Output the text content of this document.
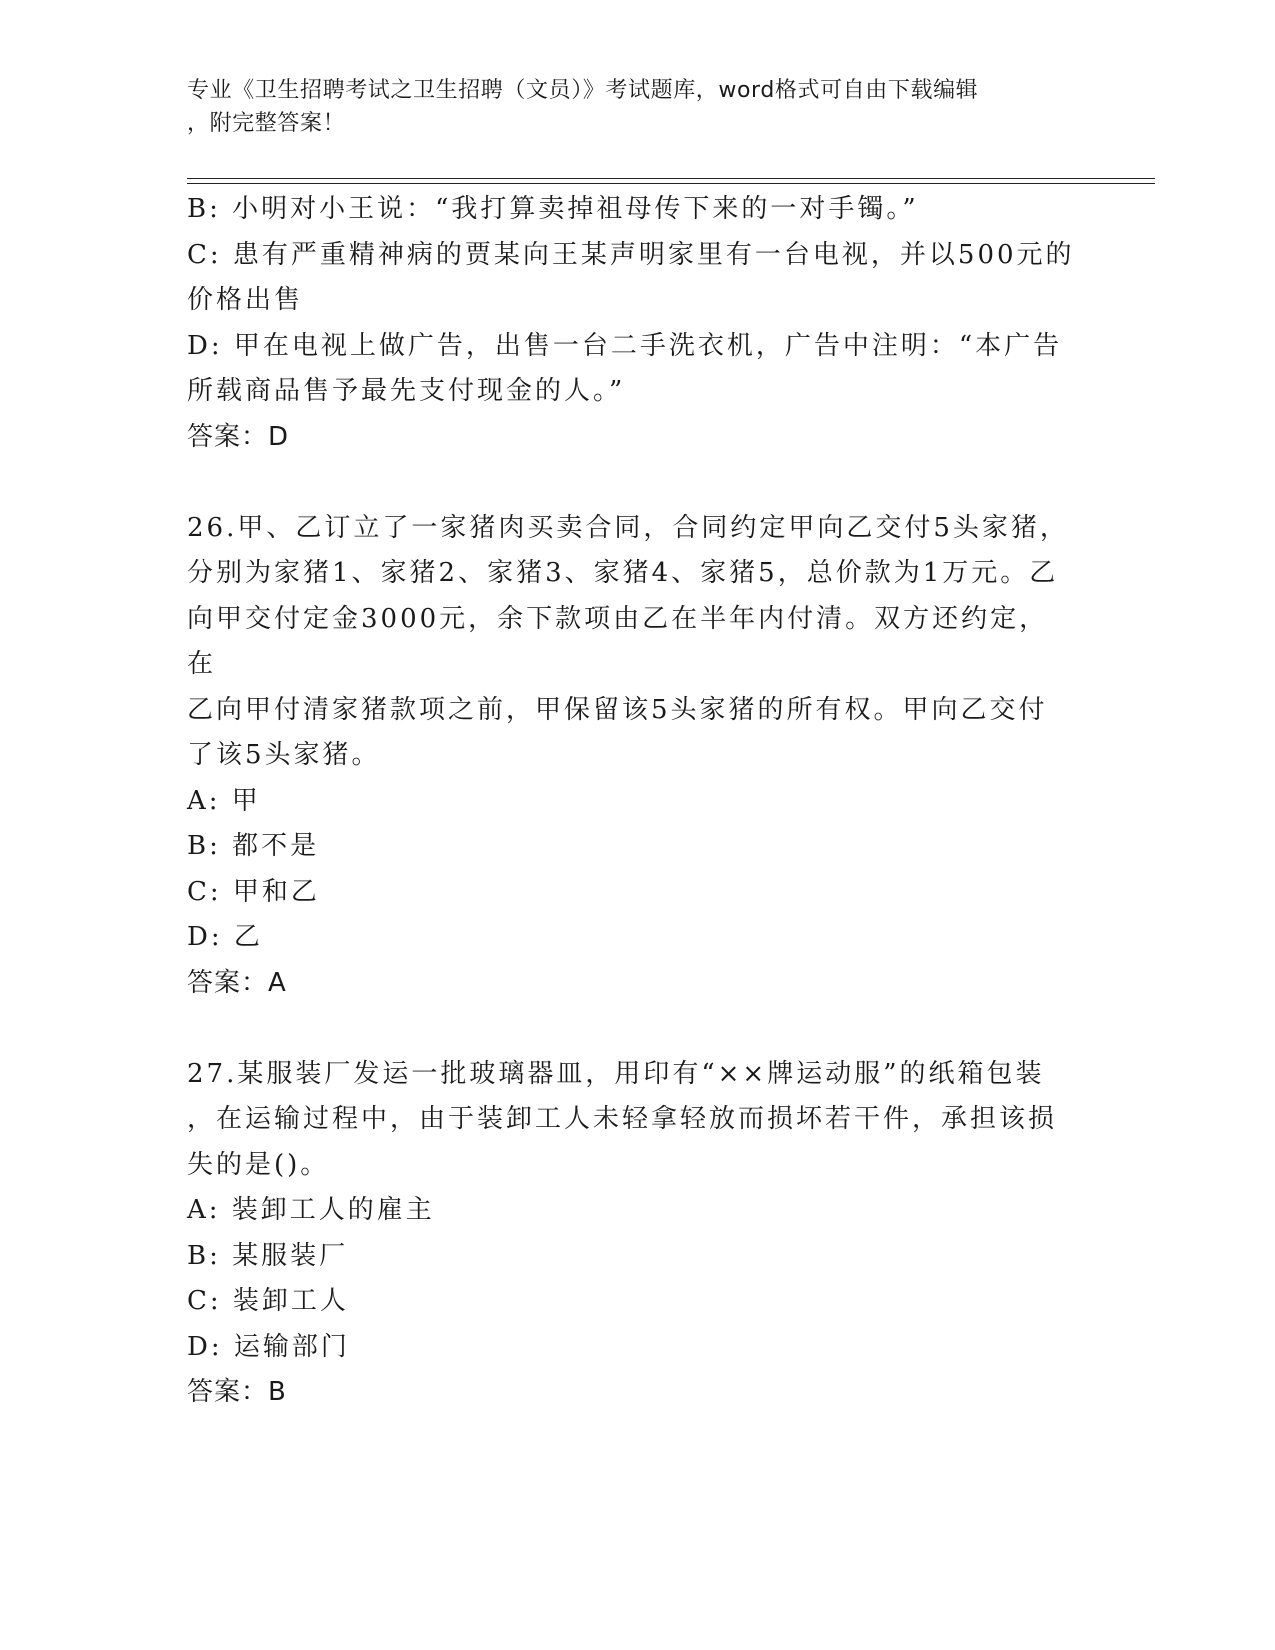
专业《卫生招聘考试之卫生招聘（文员）》考试题库，word格式可自由下载编辑
，附完整答案！
B: 小明对小王说：“我打算卖掉祖母传下来的一对手镯。”
C: 患有严重精神病的贾某向王某声明家里有一台电视，并以500元的
价格出售
D: 甲在电视上做广告，出售一台二手洗衣机，广告中注明：“本广告
所载商品售予最先支付现金的人。”
答案：D
26.甲、乙订立了一家猪肉买卖合同，合同约定甲向乙交付5头家猪，
分别为家猪1、家猪2、家猪3、家猪4、家猪5，总价款为1万元。乙
向甲交付定金3000元，余下款项由乙在半年内付清。双方还约定，在
乙向甲付清家猪款项之前，甲保留该5头家猪的所有权。甲向乙交付
了该5头家猪。
A: 甲
B: 都不是
C: 甲和乙
D: 乙
答案：A
27.某服装厂发运一批玻璃器皿，用印有“××牌运动服”的纸箱包装
，在运输过程中，由于装卸工人未轻拿轻放而损坏若干件，承担该损
失的是()。
A: 装卸工人的雇主
B: 某服装厂
C: 装卸工人
D: 运输部门
答案：B
